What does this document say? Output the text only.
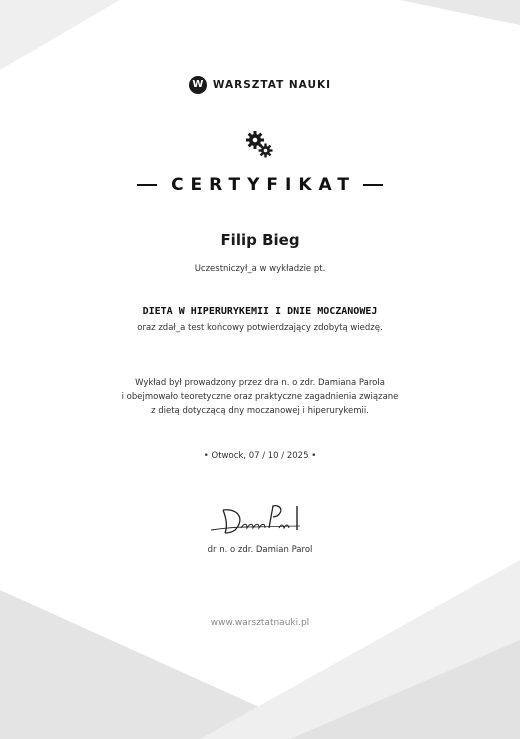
W WARSZTAT NAUKI
CERTYFIKAT
Filip Bieg
Uczestniczył_a w wykładzie pt.
DIETA W HIPERURYKEMII I DNIE MOCZANOWEJ
oraz zdał_a test końcowy potwierdzający zdobytą wiedzę.
Wykład był prowadzony przez dra n. o zdr. Damiana Parola
i obejmowało teoretyczne oraz praktyczne zagadnienia związane
z dietą dotyczącą dny moczanowej i hiperurykemii.
• Otwock, 07 / 10 / 2025 •
dr n. o zdr. Damian Parol
www.warsztatnauki.pl
